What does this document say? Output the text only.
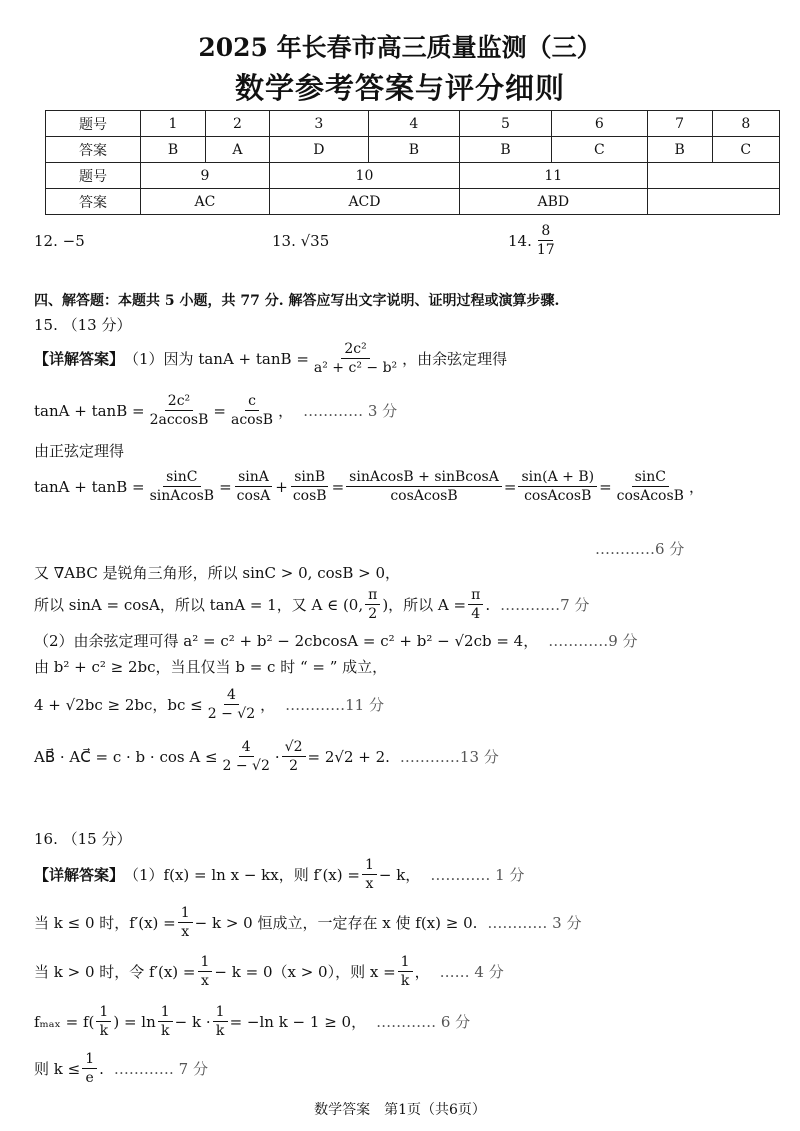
2025 年长春市高三质量监测（三）
数学参考答案与评分细则
题号	1	2	3	4	5	6	7	8
答案	B	A	D	B	B	C	B	C
题号	9		10		11			
答案	AC		ACD		ABD			
12. −5	13. √35	14. $\frac{8}{17}$
四、解答题：本题共 5 小题，共 77 分. 解答应写出文字说明、证明过程或演算步骤.
15. （13 分）
【详解答案】 （1）因为 $\tan A + \tan B = \frac{\text{2c²}}{\text{a² + c² − b²}}$ ，由余弦定理得
$\tan A + \tan B = \frac{\text{2c²}}{2accosB} = \frac{c}{acosB}$ ， ………… 3 分
由正弦定理得
$\tan A + \tan B = \frac{\sin C}{\text{sinAcosB}} = \frac{\sin A}{\cos A} + \frac{\sin B}{\cos B} = \frac{\text{sinAcosB + sinBcosA}}{\text{cosAcosB}} = \frac{\sin(A + B)}{\text{cosAcosB}} = \frac{\sin C}{\text{cosAcosB}}$ ，
…………6 分
又 ∇ABC 是锐角三角形，所以 sinC > 0, cosB > 0，
所以 sinA = cosA，所以 tanA = 1，又 A ∈ (0, $\frac{\pi}{2}$ )，所以 $A = \frac{\pi}{4}$ . …………7 分
（2）由余弦定理可得 a² = c² + b² − 2cbcosA = c² + b² − √2cb = 4， …………9 分
由 b² + c² ≥ 2bc，当且仅当 b = c 时 “ = ” 成立，
4 + √2bc ≥ 2bc，bc ≤ $\frac{4}{2 - √2}$ ， …………11 分
AB⃗ · AC⃗ = $c \cdot b \cdot \cos A \le \frac{4}{2 - √2} \cdot \frac{√2}{2} = 2√2 + 2$. …………13 分
16. （15 分）
【详解答案】 （1）f(x) = ln x − kx，则 $f'(x) = \frac{1}{x} - k$， ………… 1 分
当 k ≤ 0 时，$f'(x) = \frac{1}{x} - k > 0$ 恒成立，一定存在 x 使 f(x) ≥ 0. ………… 3 分
当 k > 0 时，令 $f'(x) = \frac{1}{x} - k = 0(x > 0)$，则 $x = \frac{1}{k}$ ， …… 4 分
$f_{max} = f( \frac{1}{k}$ ) = $\ln \frac{1}{k} - k \cdot \frac{1}{k} = -\ln$ k − 1 ≥ 0， ………… 6 分
则 $k \le \frac{1}{e}$ . ………… 7 分
数学答案　第1页（共6页）
